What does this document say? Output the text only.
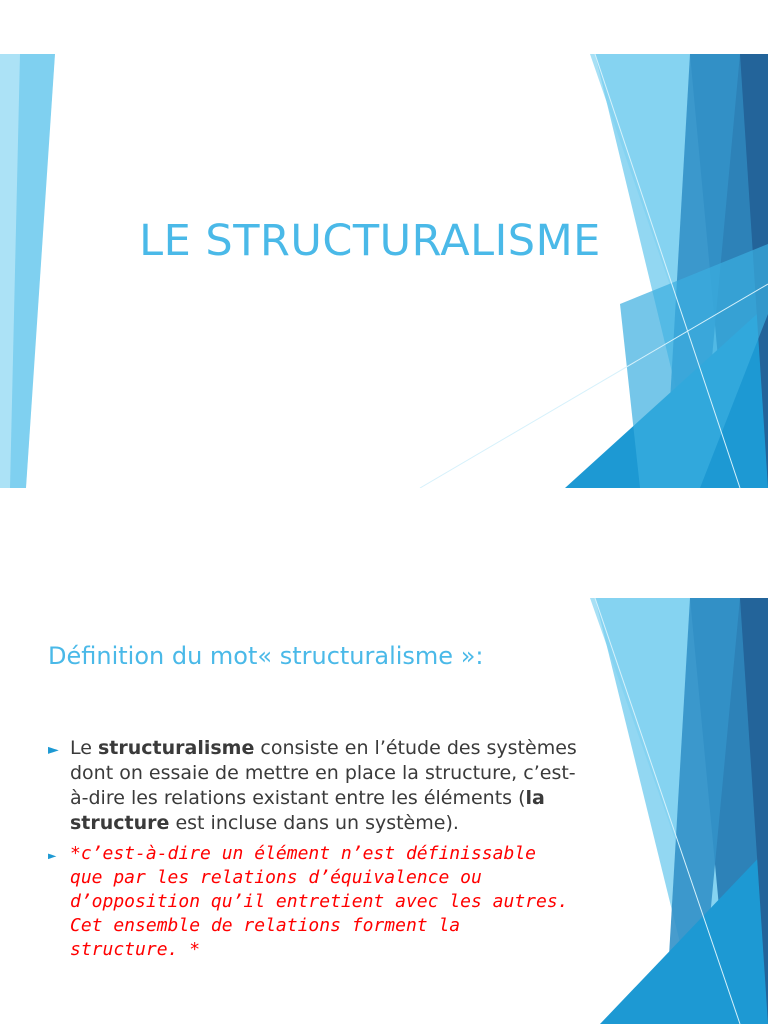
LE STRUCTURALISME
Définition du mot« structuralisme »:
► Le structuralisme consiste en l’étude des systèmes dont on essaie de mettre en place la structure, c’est-à-dire les relations existant entre les éléments (la structure est incluse dans un système).
► *c’est-à-dire un élément n’est définissable que par les relations d’équivalence ou d’opposition qu’il entretient avec les autres. Cet ensemble de relations forment la structure. *
